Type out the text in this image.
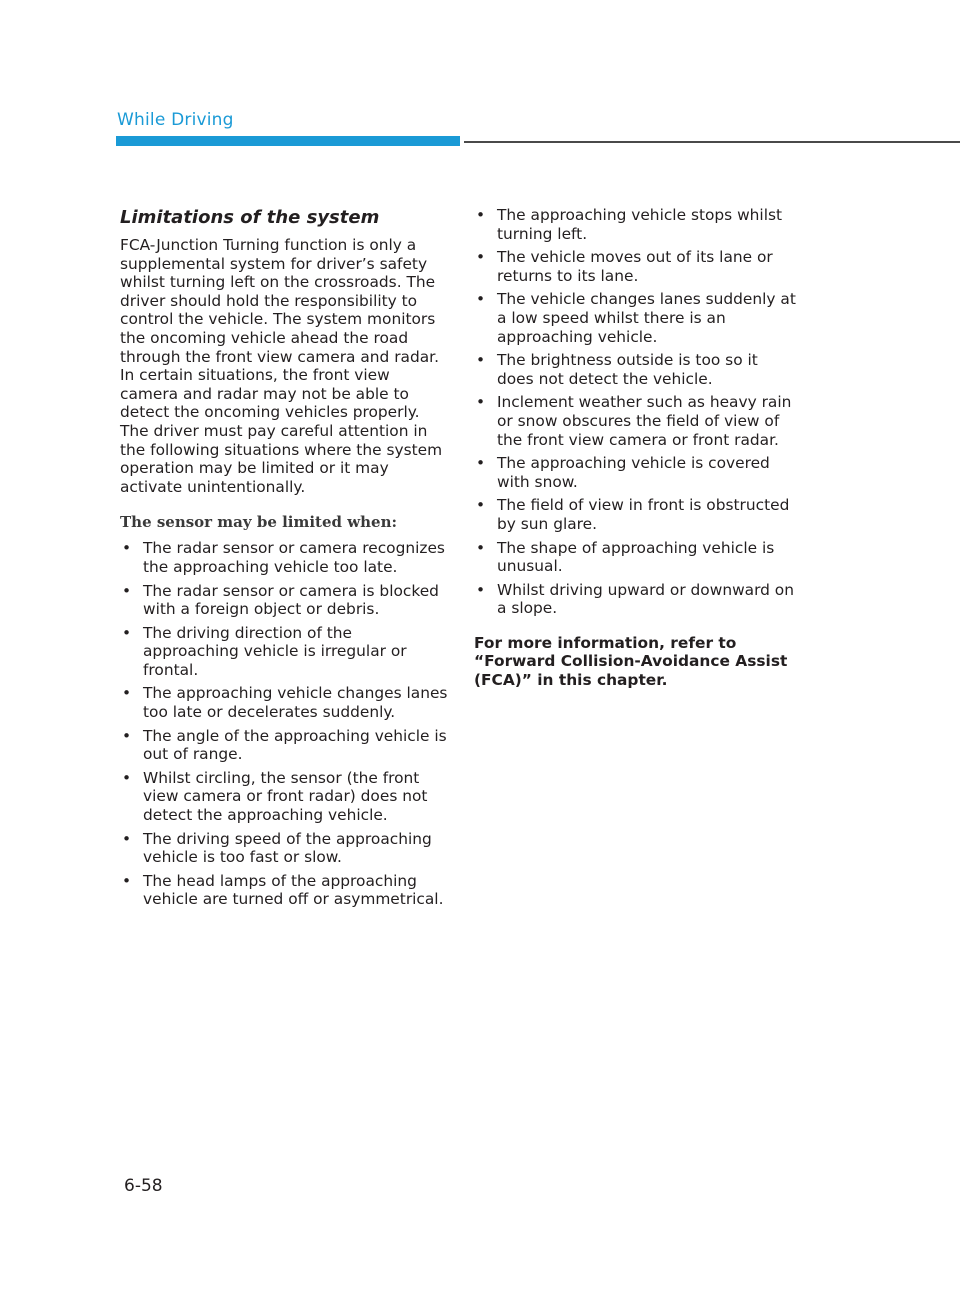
While Driving
Limitations of the system
FCA-Junction Turning function is only a supplemental system for driver’s safety whilst turning left on the crossroads. The driver should hold the responsibility to control the vehicle. The system monitors the oncoming vehicle ahead the road through the front view camera and radar. In certain situations, the front view camera and radar may not be able to detect the oncoming vehicles properly. The driver must pay careful attention in the following situations where the system operation may be limited or it may activate unintentionally.
The sensor may be limited when:
• The radar sensor or camera recognizes the approaching vehicle too late.
• The radar sensor or camera is blocked with a foreign object or debris.
• The driving direction of the approaching vehicle is irregular or frontal.
• The approaching vehicle changes lanes too late or decelerates suddenly.
• The angle of the approaching vehicle is out of range.
• Whilst circling, the sensor (the front view camera or front radar) does not detect the approaching vehicle.
• The driving speed of the approaching vehicle is too fast or slow.
• The head lamps of the approaching vehicle are turned off or asymmetrical.
• The approaching vehicle stops whilst turning left.
• The vehicle moves out of its lane or returns to its lane.
• The vehicle changes lanes suddenly at a low speed whilst there is an approaching vehicle.
• The brightness outside is too so it does not detect the vehicle.
• Inclement weather such as heavy rain or snow obscures the field of view of the front view camera or front radar.
• The approaching vehicle is covered with snow.
• The field of view in front is obstructed by sun glare.
• The shape of approaching vehicle is unusual.
• Whilst driving upward or downward on a slope.
For more information, refer to “Forward Collision-Avoidance Assist (FCA)” in this chapter.
6-58
